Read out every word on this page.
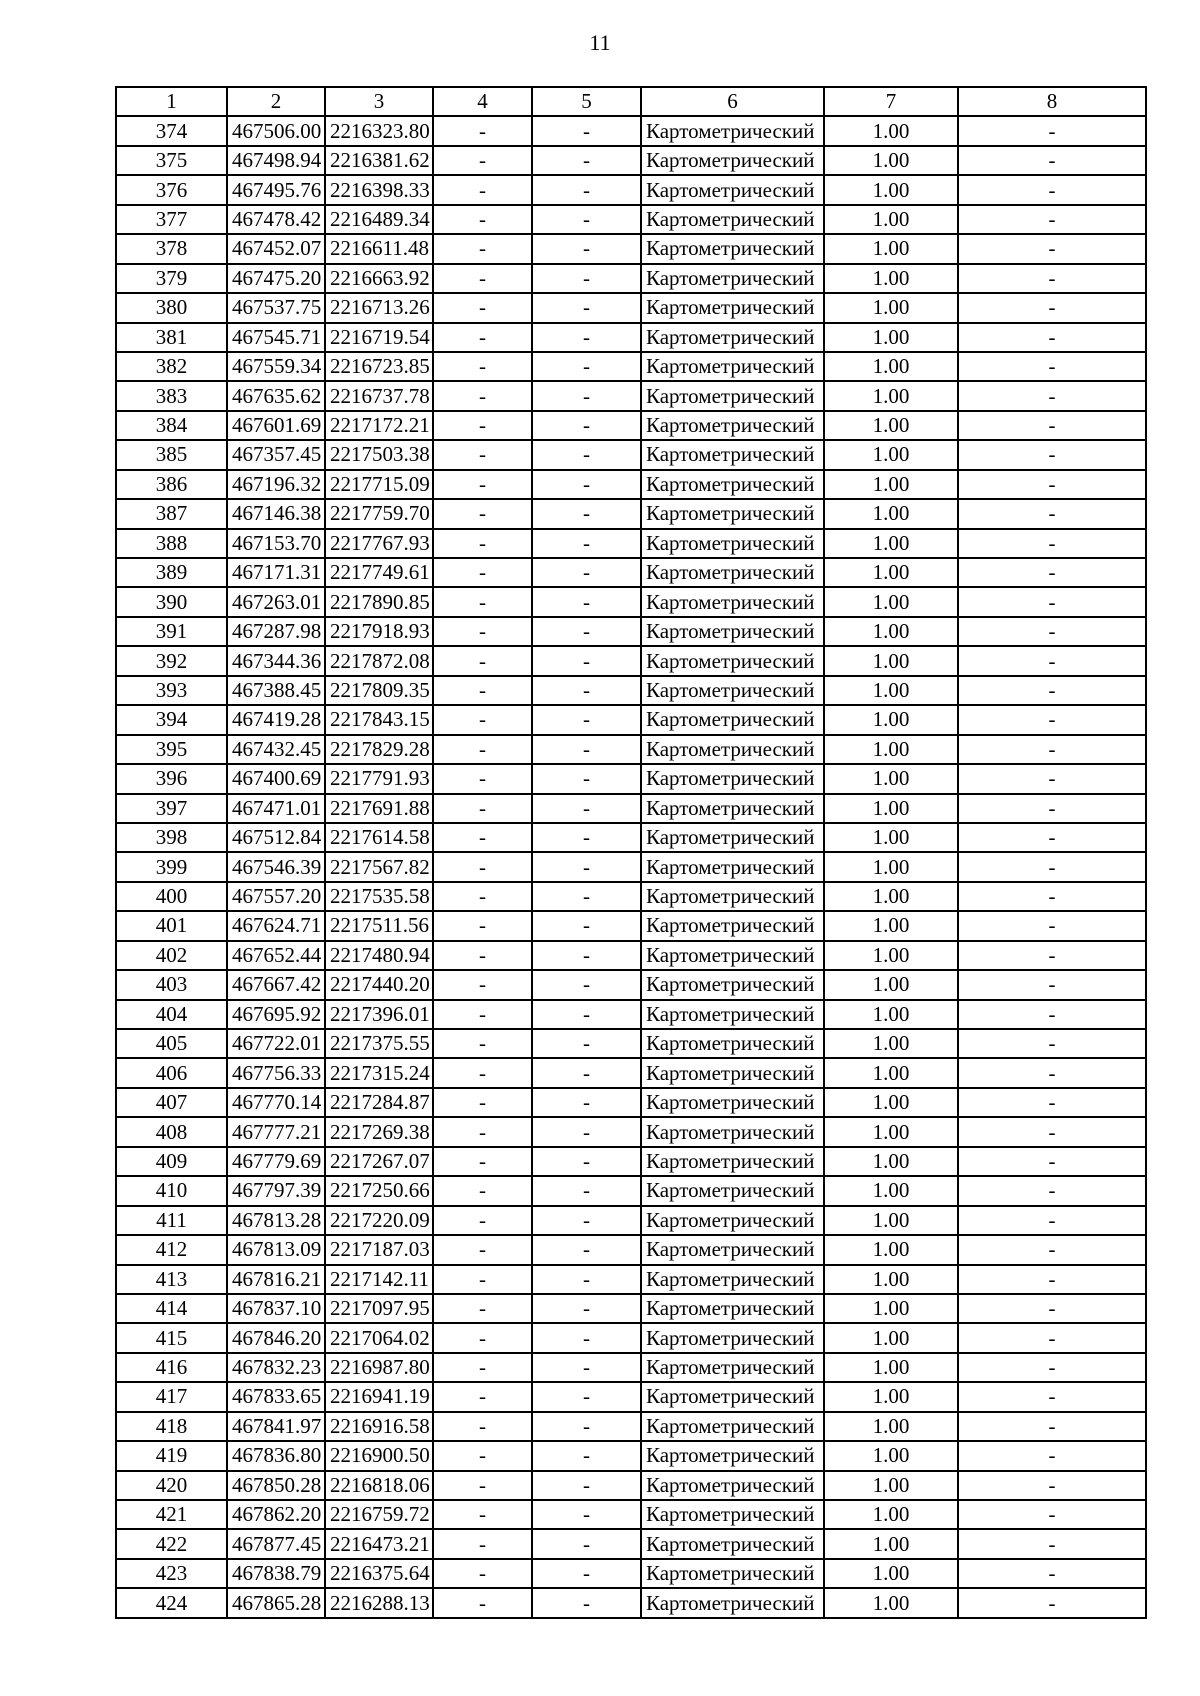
11
1	2	3	4	5	6	7	8
374	467506.00	2216323.80	-	-	Картометрический	1.00	-
375	467498.94	2216381.62	-	-	Картометрический	1.00	-
376	467495.76	2216398.33	-	-	Картометрический	1.00	-
377	467478.42	2216489.34	-	-	Картометрический	1.00	-
378	467452.07	2216611.48	-	-	Картометрический	1.00	-
379	467475.20	2216663.92	-	-	Картометрический	1.00	-
380	467537.75	2216713.26	-	-	Картометрический	1.00	-
381	467545.71	2216719.54	-	-	Картометрический	1.00	-
382	467559.34	2216723.85	-	-	Картометрический	1.00	-
383	467635.62	2216737.78	-	-	Картометрический	1.00	-
384	467601.69	2217172.21	-	-	Картометрический	1.00	-
385	467357.45	2217503.38	-	-	Картометрический	1.00	-
386	467196.32	2217715.09	-	-	Картометрический	1.00	-
387	467146.38	2217759.70	-	-	Картометрический	1.00	-
388	467153.70	2217767.93	-	-	Картометрический	1.00	-
389	467171.31	2217749.61	-	-	Картометрический	1.00	-
390	467263.01	2217890.85	-	-	Картометрический	1.00	-
391	467287.98	2217918.93	-	-	Картометрический	1.00	-
392	467344.36	2217872.08	-	-	Картометрический	1.00	-
393	467388.45	2217809.35	-	-	Картометрический	1.00	-
394	467419.28	2217843.15	-	-	Картометрический	1.00	-
395	467432.45	2217829.28	-	-	Картометрический	1.00	-
396	467400.69	2217791.93	-	-	Картометрический	1.00	-
397	467471.01	2217691.88	-	-	Картометрический	1.00	-
398	467512.84	2217614.58	-	-	Картометрический	1.00	-
399	467546.39	2217567.82	-	-	Картометрический	1.00	-
400	467557.20	2217535.58	-	-	Картометрический	1.00	-
401	467624.71	2217511.56	-	-	Картометрический	1.00	-
402	467652.44	2217480.94	-	-	Картометрический	1.00	-
403	467667.42	2217440.20	-	-	Картометрический	1.00	-
404	467695.92	2217396.01	-	-	Картометрический	1.00	-
405	467722.01	2217375.55	-	-	Картометрический	1.00	-
406	467756.33	2217315.24	-	-	Картометрический	1.00	-
407	467770.14	2217284.87	-	-	Картометрический	1.00	-
408	467777.21	2217269.38	-	-	Картометрический	1.00	-
409	467779.69	2217267.07	-	-	Картометрический	1.00	-
410	467797.39	2217250.66	-	-	Картометрический	1.00	-
411	467813.28	2217220.09	-	-	Картометрический	1.00	-
412	467813.09	2217187.03	-	-	Картометрический	1.00	-
413	467816.21	2217142.11	-	-	Картометрический	1.00	-
414	467837.10	2217097.95	-	-	Картометрический	1.00	-
415	467846.20	2217064.02	-	-	Картометрический	1.00	-
416	467832.23	2216987.80	-	-	Картометрический	1.00	-
417	467833.65	2216941.19	-	-	Картометрический	1.00	-
418	467841.97	2216916.58	-	-	Картометрический	1.00	-
419	467836.80	2216900.50	-	-	Картометрический	1.00	-
420	467850.28	2216818.06	-	-	Картометрический	1.00	-
421	467862.20	2216759.72	-	-	Картометрический	1.00	-
422	467877.45	2216473.21	-	-	Картометрический	1.00	-
423	467838.79	2216375.64	-	-	Картометрический	1.00	-
424	467865.28	2216288.13	-	-	Картометрический	1.00	-
